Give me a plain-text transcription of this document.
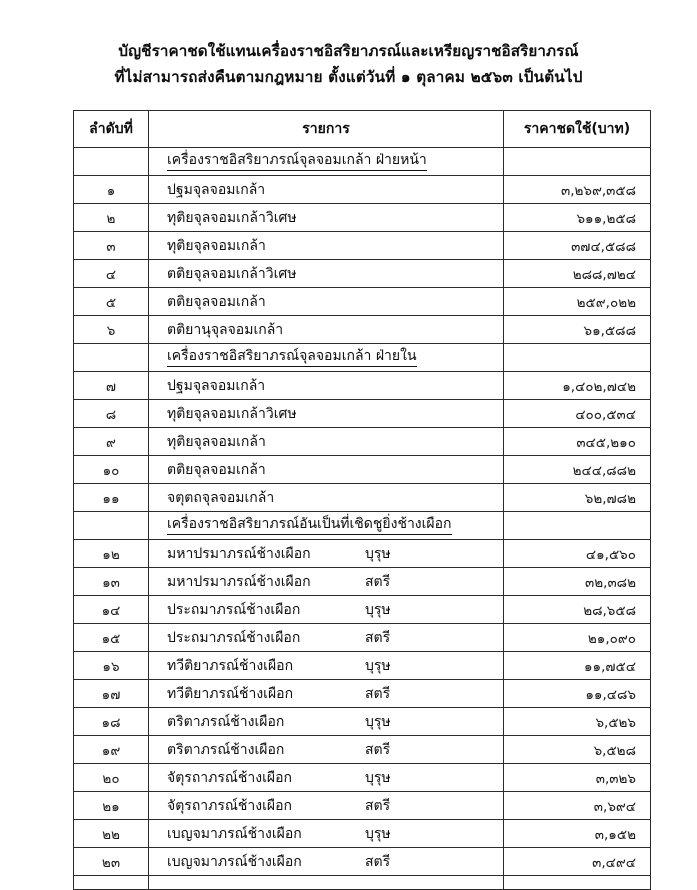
บัญชีราคาชดใช้แทนเครื่องราชอิสริยาภรณ์และเหรียญราชอิสริยาภรณ์
ที่ไม่สามารถส่งคืนตามกฎหมาย ตั้งแต่วันที่ ๑ ตุลาคม ๒๕๖๓ เป็นต้นไป
ลำดับที่	รายการ	ราคาชดใช้(บาท)
	เครื่องราชอิสริยาภรณ์จุลจอมเกล้า ฝ่ายหน้า	
๑	ปฐมจุลจอมเกล้า	๓,๒๖๙,๓๕๘
๒	ทุติยจุลจอมเกล้าวิเศษ	๖๑๑,๒๕๘
๓	ทุติยจุลจอมเกล้า	๓๗๔,๕๘๘
๔	ตติยจุลจอมเกล้าวิเศษ	๒๘๘,๗๒๔
๕	ตติยจุลจอมเกล้า	๒๕๙,๐๒๒
๖	ตติยานุจุลจอมเกล้า	๖๑,๕๘๘
	เครื่องราชอิสริยาภรณ์จุลจอมเกล้า ฝ่ายใน	
๗	ปฐมจุลจอมเกล้า	๑,๔๐๒,๗๔๒
๘	ทุติยจุลจอมเกล้าวิเศษ	๔๐๐,๕๓๔
๙	ทุติยจุลจอมเกล้า	๓๔๕,๒๑๐
๑๐	ตติยจุลจอมเกล้า	๒๔๔,๘๘๒
๑๑	จตุตถจุลจอมเกล้า	๖๒,๗๘๒
	เครื่องราชอิสริยาภรณ์อันเป็นที่เชิดชูยิ่งช้างเผือก	
๑๒	มหาปรมาภรณ์ช้างเผือก บุรุษ	๔๑,๕๖๐
๑๓	มหาปรมาภรณ์ช้างเผือก สตรี	๓๒,๓๘๒
๑๔	ประถมาภรณ์ช้างเผือก บุรุษ	๒๘,๖๕๘
๑๕	ประถมาภรณ์ช้างเผือก สตรี	๒๑,๐๙๐
๑๖	ทวีติยาภรณ์ช้างเผือก บุรุษ	๑๑,๗๕๔
๑๗	ทวีติยาภรณ์ช้างเผือก สตรี	๑๑,๔๘๖
๑๘	ตริตาภรณ์ช้างเผือก บุรุษ	๖,๕๒๖
๑๙	ตริตาภรณ์ช้างเผือก สตรี	๖,๕๒๘
๒๐	จัตุรถาภรณ์ช้างเผือก บุรุษ	๓,๓๒๖
๒๑	จัตุรถาภรณ์ช้างเผือก สตรี	๓,๖๙๔
๒๒	เบญจมาภรณ์ช้างเผือก บุรุษ	๓,๑๕๒
๒๓	เบญจมาภรณ์ช้างเผือก สตรี	๓,๔๙๔
